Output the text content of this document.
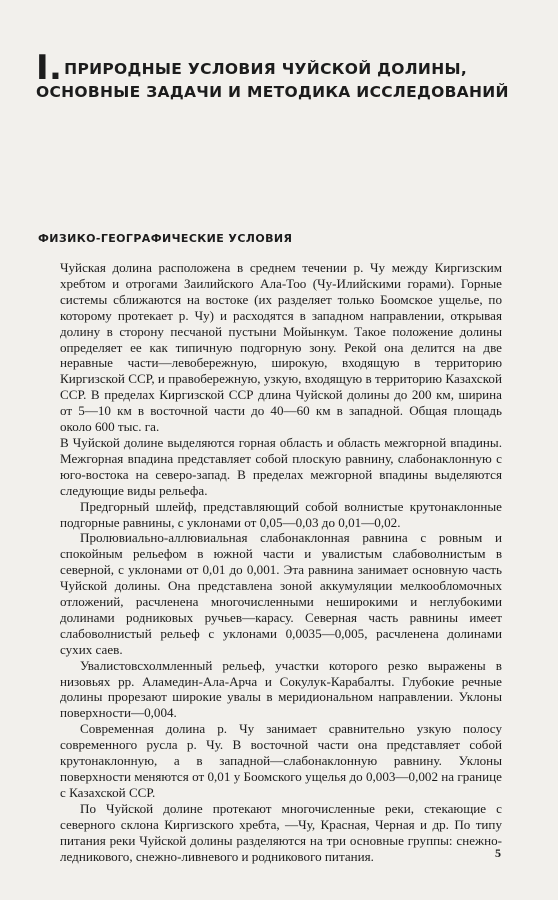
I. ПРИРОДНЫЕ УСЛОВИЯ ЧУЙСКОЙ ДОЛИНЫ,
ОСНОВНЫЕ ЗАДАЧИ И МЕТОДИКА ИССЛЕДОВАНИЙ
ФИЗИКО-ГЕОГРАФИЧЕСКИЕ УСЛОВИЯ

Чуйская долина расположена в среднем течении р. Чу между Киргизским хребтом и отрогами Заилийского Ала-Тоо (Чу-Илийскими горами). Горные системы сближаются на востоке (их разделяет только Боомское ущелье, по которому протекает р. Чу) и расходятся в западном направлении, открывая долину в сторону песчаной пустыни Мойынкум. Такое положение долины определяет ее как типичную подгорную зону. Рекой она делится на две неравные части—левобережную, широкую, входящую в территорию Киргизской ССР, и правобережную, узкую, входящую в территорию Казахской ССР. В пределах Киргизской ССР длина Чуйской долины до 200 км, ширина от 5—10 км в восточной части до 40—60 км в западной. Общая площадь около 600 тыс. га.

В Чуйской долине выделяются горная область и область межгорной впадины. Межгорная впадина представляет собой плоскую равнину, слабонаклонную с юго-востока на северо-запад. В пределах межгорной впадины выделяются следующие виды рельефа.

Предгорный шлейф, представляющий собой волнистые крутонаклонные подгорные равнины, с уклонами от 0,05—0,03 до 0,01—0,02.

Пролювиально-аллювиальная слабонаклонная равнина с ровным и спокойным рельефом в южной части и увалистым слабоволнистым в северной, с уклонами от 0,01 до 0,001. Эта равнина занимает основную часть Чуйской долины. Она представлена зоной аккумуляции мелкообломочных отложений, расчленена многочисленными неширокими и неглубокими долинами родниковых ручьев—карасу. Северная часть равнины имеет слабоволнистый рельеф с уклонами 0,0035—0,005, расчленена долинами сухих саев.

Увалистовсхолмленный рельеф, участки которого резко выражены в низовьях рр. Аламедин-Ала-Арча и Сокулук-Карабалты. Глубокие речные долины прорезают широкие увалы в меридиональном направлении. Уклоны поверхности—0,004.

Современная долина р. Чу занимает сравнительно узкую полосу современного русла р. Чу. В восточной части она представляет собой крутонаклонную, а в западной—слабонаклонную равнину. Уклоны поверхности меняются от 0,01 у Боомского ущелья до 0,003—0,002 на границе с Казахской ССР.

По Чуйской долине протекают многочисленные реки, стекающие с северного склона Киргизского хребта, —Чу, Красная, Черная и др. По типу питания реки Чуйской долины разделяются на три основные группы: снежно-ледникового, снежно-ливневого и родникового питания.	5
